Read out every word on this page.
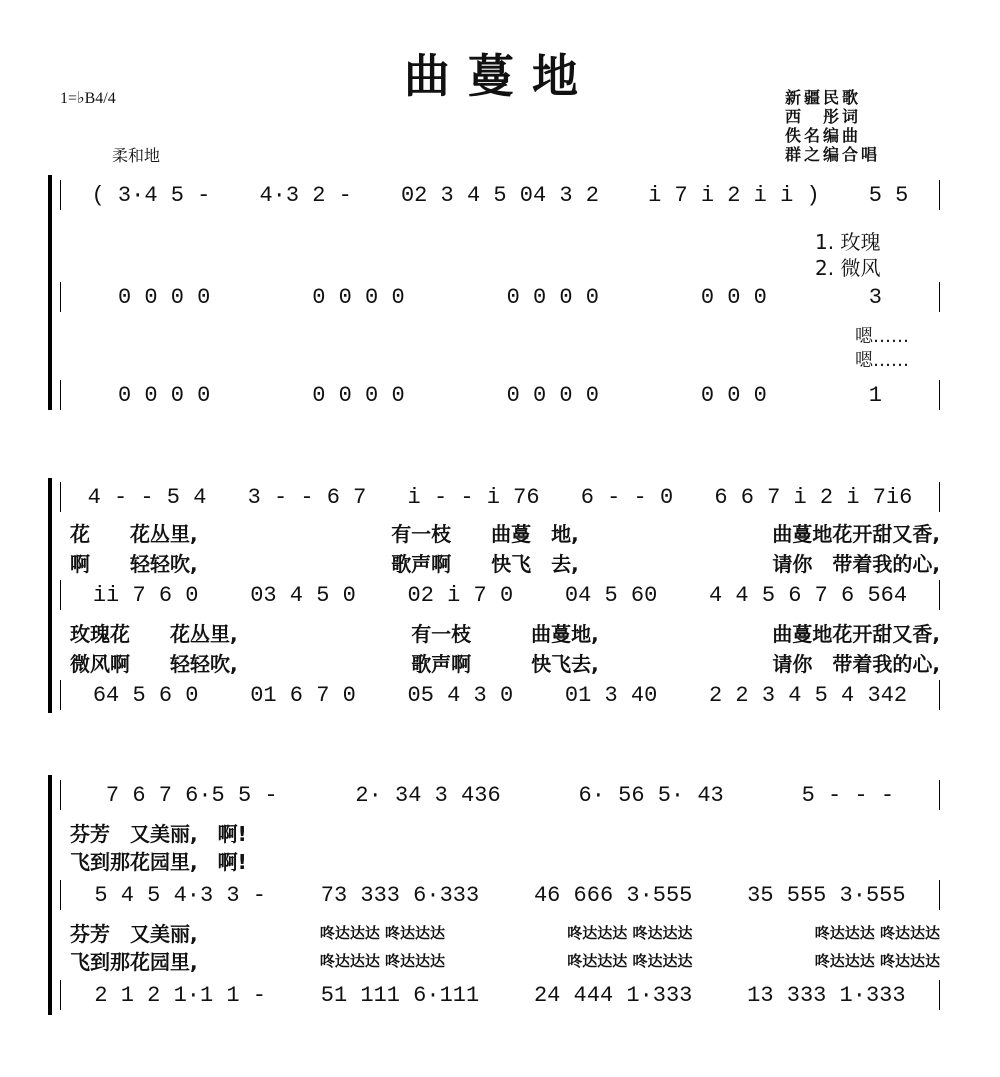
曲蔓地
1=♭B4/4
柔和地
新疆民歌
西　彤词
佚名编曲
群之编合唱
( 3·4 5 - 4·3 2 - 02 3 4 5 04 3 2 i 7 i 2 i i ) 5 5
1. 玫瑰
2. 微风
0 0 0 0	0 0 0 0	0 0 0 0	0 0 0	3
嗯……
嗯……
0 0 0 0	0 0 0 0	0 0 0 0	0 0 0	1
4 - - 5 4 3 - - 6 7 i - - i 76 6 - - 0 6 6 7 i 2 i 7i6
花　　花丛里,	有一枝　　曲蔓　地,	曲蔓地花开甜又香,
啊　　轻轻吹,	歌声啊　　快飞　去,	请你　带着我的心,
ii 7 6 0 03 4 5 0 02 i 7 0 04 5 60 4 4 5 6 7 6 564
玫瑰花　　花丛里,	有一枝　　　曲蔓地,	曲蔓地花开甜又香,
微风啊　　轻轻吹,	歌声啊　　　快飞去,	请你　带着我的心,
64 5 6 0 01 6 7 0 05 4 3 0 01 3 40 2 2 3 4 5 4 342
7 6 7 6·5 5 -	2· 34 3 436	6· 56 5· 43	5 - - -
芬芳　又美丽, 啊!
飞到那花园里, 啊!
5 4 5 4·3 3 - 73 333 6·333 46 666 3·555 35 555 3·555
芬芳　又美丽,	咚达达达 咚达达达	咚达达达 咚达达达	咚达达达 咚达达达
飞到那花园里,	咚达达达 咚达达达	咚达达达 咚达达达	咚达达达 咚达达达
2 1 2 1·1 1 - 51 111 6·111 24 444 1·333 13 333 1·333
